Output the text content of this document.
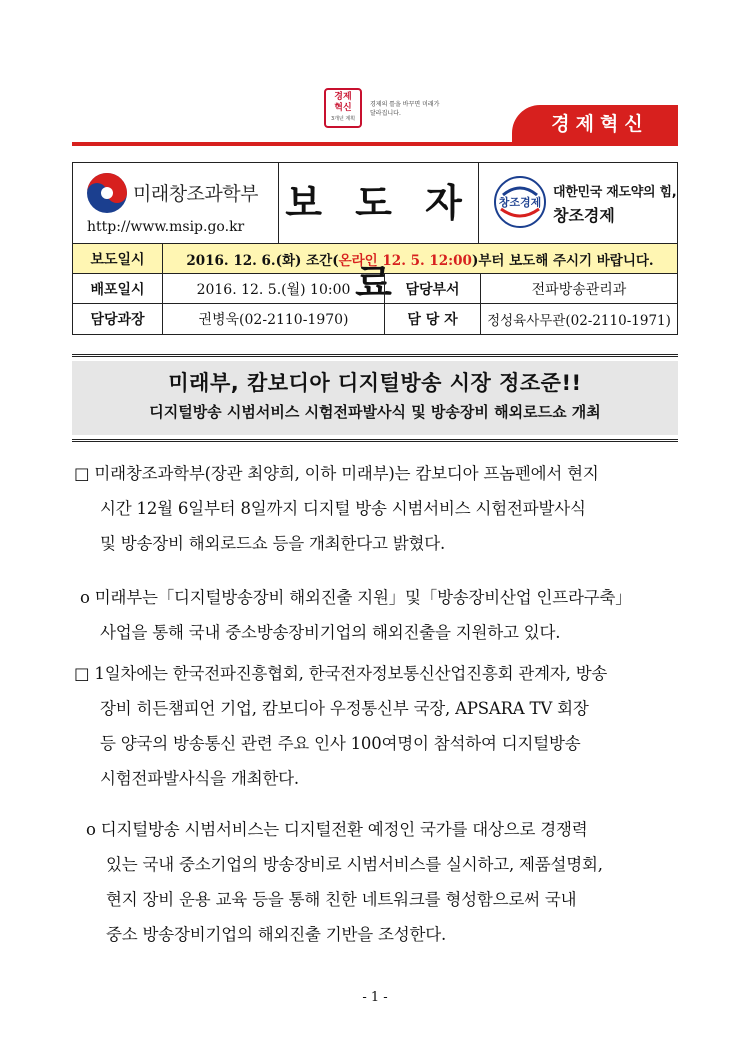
경제
혁신
3개년 계획
경제의 틀을 바꾸면 미래가 달라집니다.	경제혁신
미래창조과학부
http://www.msip.go.kr
보 도 자 료
창조경제
대한민국 재도약의 힘,
창조경제
보도일시	2016. 12. 6.(화) 조간( 온라인 12. 5. 12:00 )부터 보도해 주시기 바랍니다.
배포일시	2016. 12. 5.(월) 10:00	담당부서	전파방송관리과
담당과장	권병욱(02-2110-1970)	담 당 자	정성육사무관(02-2110-1971)
미래부, 캄보디아 디지털방송 시장 정조준!!
디지털방송 시범서비스 시험전파발사식 및 방송장비 해외로드쇼 개최
□ 미래창조과학부(장관 최양희, 이하 미래부)는 캄보디아 프놈펜에서 현지
시간 12월 6일부터 8일까지 디지털 방송 시범서비스 시험전파발사식
및 방송장비 해외로드쇼 등을 개최한다고 밝혔다.
o 미래부는「디지털방송장비 해외진출 지원」및「방송장비산업 인프라구축」
사업을 통해 국내 중소방송장비기업의 해외진출을 지원하고 있다.
□ 1일차에는 한국전파진흥협회, 한국전자정보통신산업진흥회 관계자, 방송
장비 히든챔피언 기업, 캄보디아 우정통신부 국장, APSARA TV 회장
등 양국의 방송통신 관련 주요 인사 100여명이 참석하여 디지털방송
시험전파발사식을 개최한다.
o 디지털방송 시범서비스는 디지털전환 예정인 국가를 대상으로 경쟁력
있는 국내 중소기업의 방송장비로 시범서비스를 실시하고, 제품설명회,
현지 장비 운용 교육 등을 통해 친한 네트워크를 형성함으로써 국내
중소 방송장비기업의 해외진출 기반을 조성한다.
- 1 -
